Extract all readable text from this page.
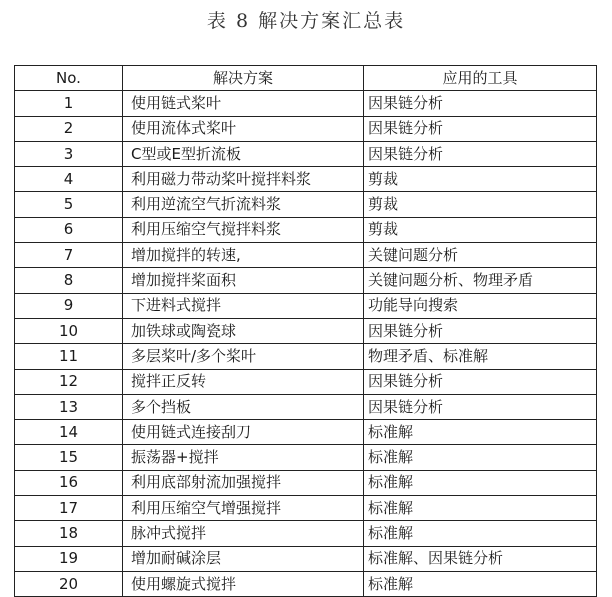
表 8 解决方案汇总表
No.	解决方案	应用的工具
1	使用链式桨叶	因果链分析
2	使用流体式桨叶	因果链分析
3	C型或E型折流板	因果链分析
4	利用磁力带动桨叶搅拌料浆	剪裁
5	利用逆流空气折流料浆	剪裁
6	利用压缩空气搅拌料浆	剪裁
7	增加搅拌的转速,	关键问题分析
8	增加搅拌桨面积	关键问题分析、物理矛盾
9	下进料式搅拌	功能导向搜索
10	加铁球或陶瓷球	因果链分析
11	多层桨叶/多个桨叶	物理矛盾、标准解
12	搅拌正反转	因果链分析
13	多个挡板	因果链分析
14	使用链式连接刮刀	标准解
15	振荡器+搅拌	标准解
16	利用底部射流加强搅拌	标准解
17	利用压缩空气增强搅拌	标准解
18	脉冲式搅拌	标准解
19	增加耐碱涂层	标准解、因果链分析
20	使用螺旋式搅拌	标准解
